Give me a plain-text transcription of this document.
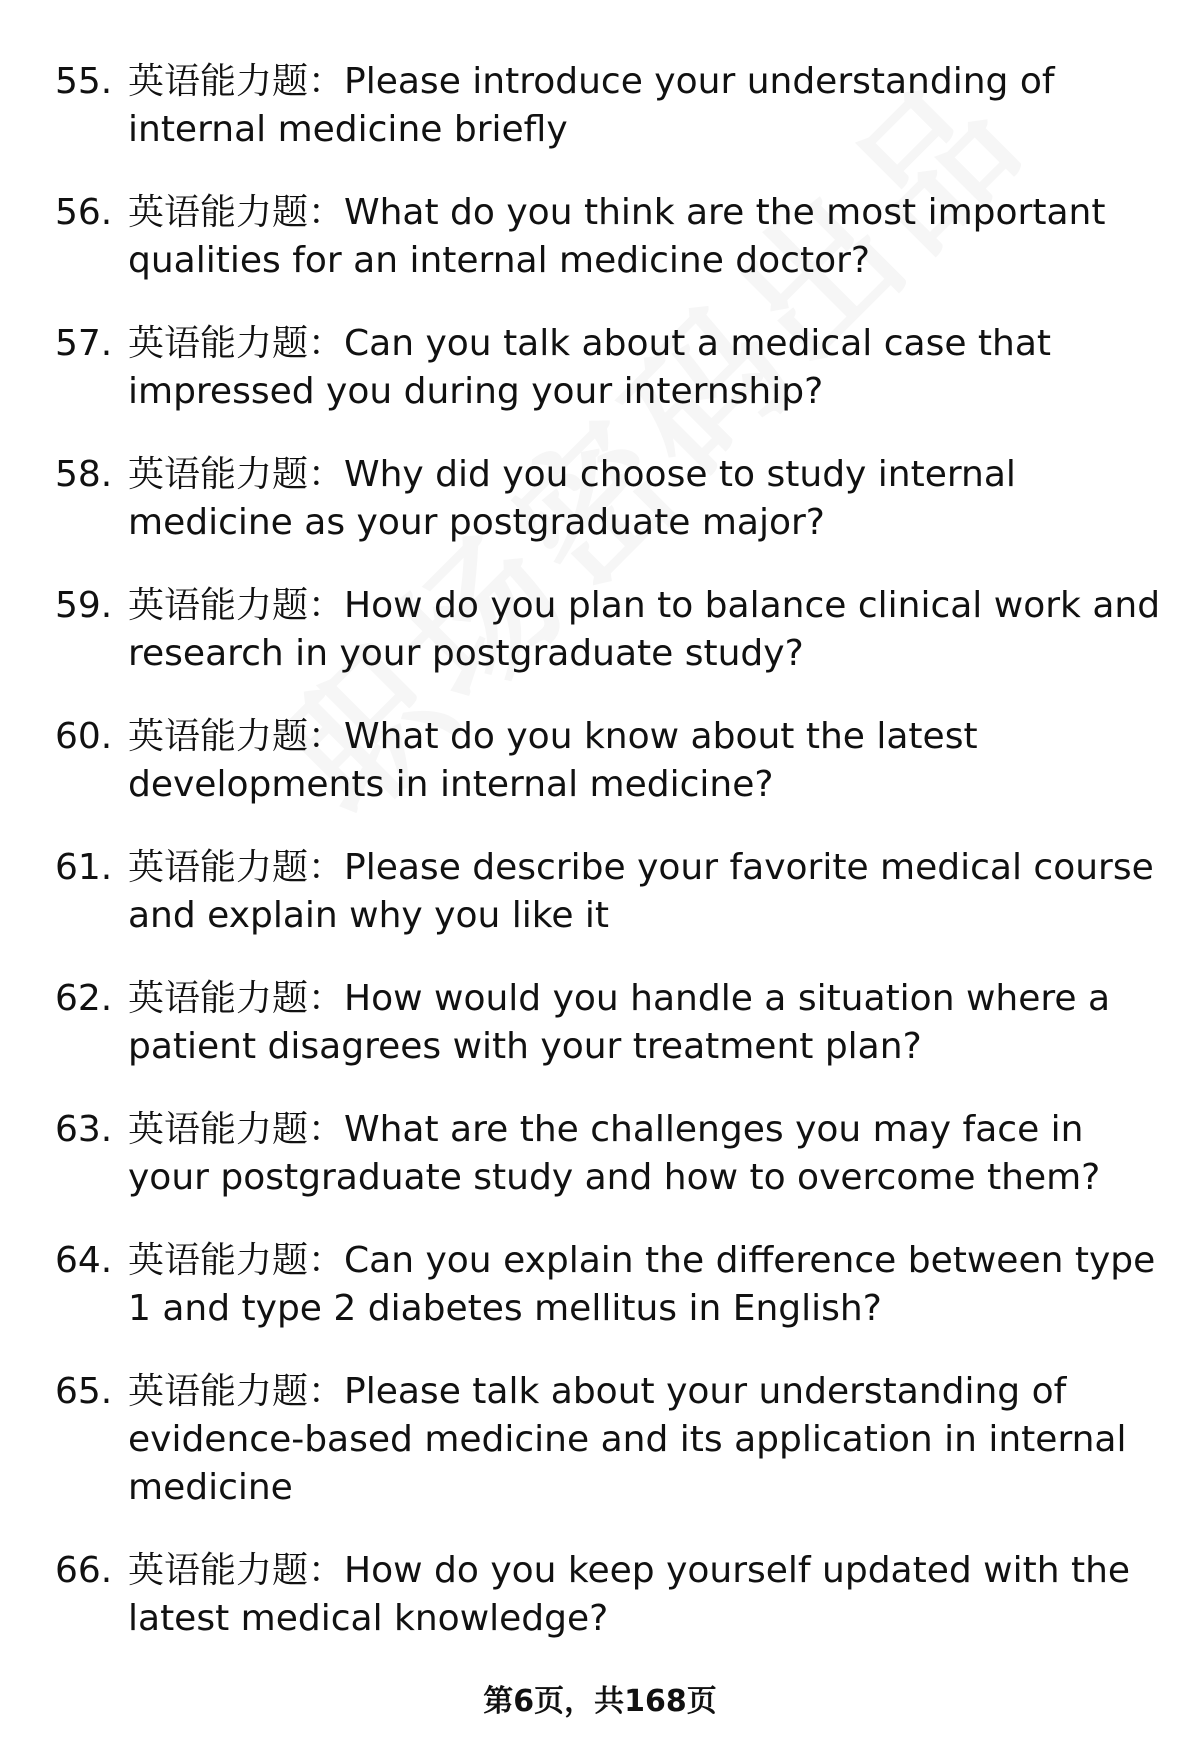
55. 英语能力题：Please introduce your understanding of internal medicine briefly
56. 英语能力题：What do you think are the most important qualities for an internal medicine doctor?
57. 英语能力题：Can you talk about a medical case that impressed you during your internship?
58. 英语能力题：Why did you choose to study internal medicine as your postgraduate major?
59. 英语能力题：How do you plan to balance clinical work and research in your postgraduate study?
60. 英语能力题：What do you know about the latest developments in internal medicine?
61. 英语能力题：Please describe your favorite medical course and explain why you like it
62. 英语能力题：How would you handle a situation where a patient disagrees with your treatment plan?
63. 英语能力题：What are the challenges you may face in your postgraduate study and how to overcome them?
64. 英语能力题：Can you explain the difference between type 1 and type 2 diabetes mellitus in English?
65. 英语能力题：Please talk about your understanding of evidence-based medicine and its application in internal medicine
66. 英语能力题：How do you keep yourself updated with the latest medical knowledge?
第6页，共168页
